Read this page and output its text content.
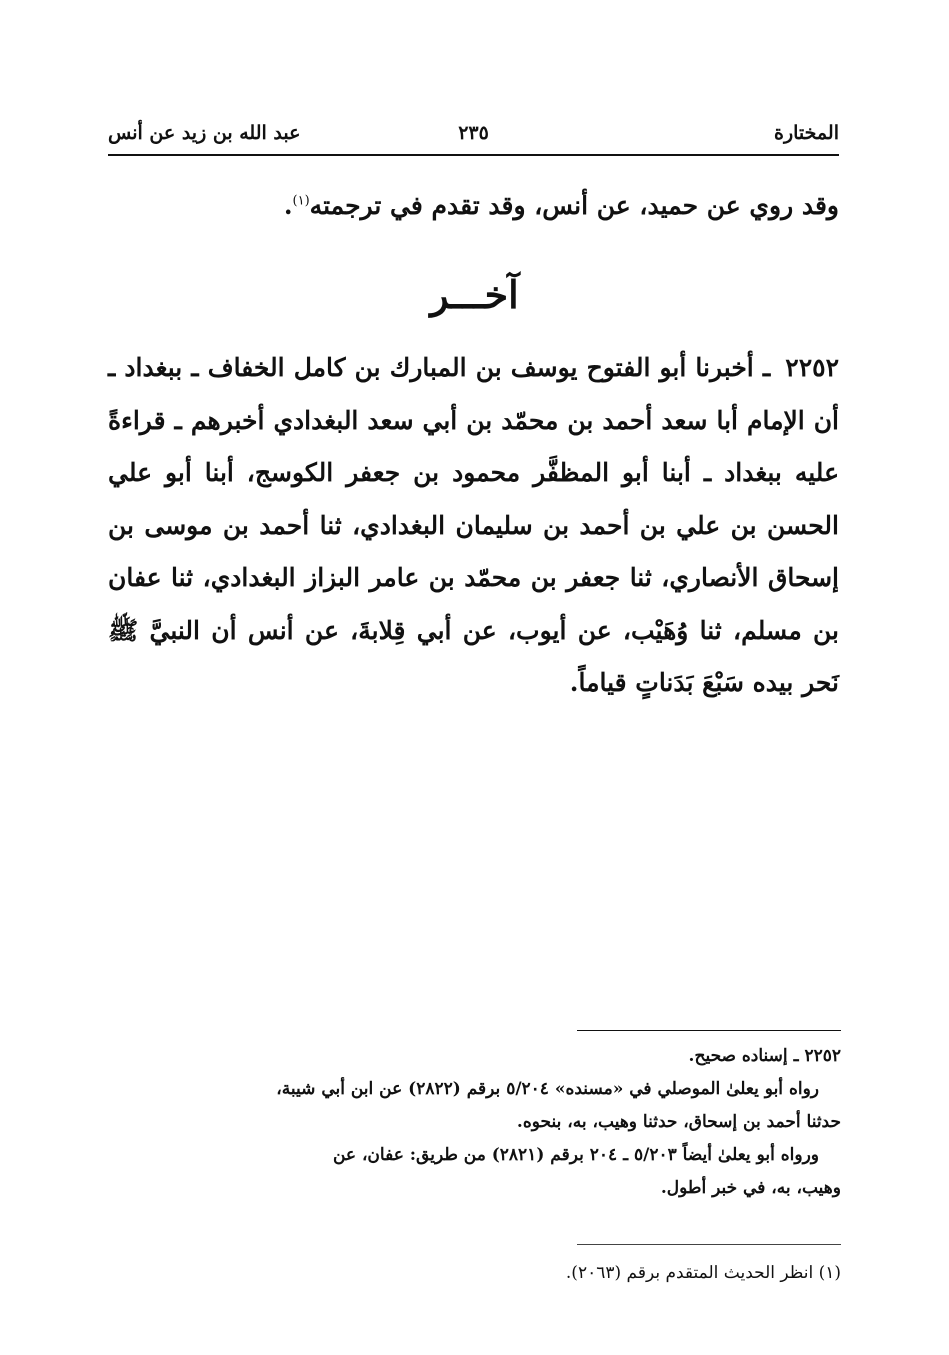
المختارة
٢٣٥
عبد الله بن زيد عن أنس
وقد روي عن حميد، عن أنس، وقد تقدم في ترجمته$^{(١)}$.
آخـــر
٢٢٥٢ ـ أخبرنا أبو الفتوح يوسف بن المبارك بن كامل الخفاف ـ ببغداد ـ أن الإمام أبا سعد أحمد بن محمّد بن أبي سعد البغدادي أخبرهم ـ قراءةً عليه ببغداد ـ أبنا أبو المظفَّر محمود بن جعفر الكوسج، أبنا أبو علي الحسن بن علي بن أحمد بن سليمان البغدادي، ثنا أحمد بن موسى بن إسحاق الأنصاري، ثنا جعفر بن محمّد بن عامر البزاز البغدادي، ثنا عفان بن مسلم، ثنا وُهَيْب، عن أيوب، عن أبي قِلابةَ، عن أنس أن النبيَّ ﷺ نَحر بيده سَبْعَ بَدَناتٍ قياماً.
٢٢٥٢ ـ إسناده صحيح.
رواه أبو يعلىٰ الموصلي في «مسنده» ٥/٢٠٤ برقم (٢٨٢٢) عن ابن أبي شيبة،
حدثنا أحمد بن إسحاق، حدثنا وهيب، به، بنحوه.
ورواه أبو يعلىٰ أيضاً ٥/٢٠٣ ـ ٢٠٤ برقم (٢٨٢١) من طريق: عفان، عن
وهيب، به، في خبر أطول.
(١) انظر الحديث المتقدم برقم (٢٠٦٣).
